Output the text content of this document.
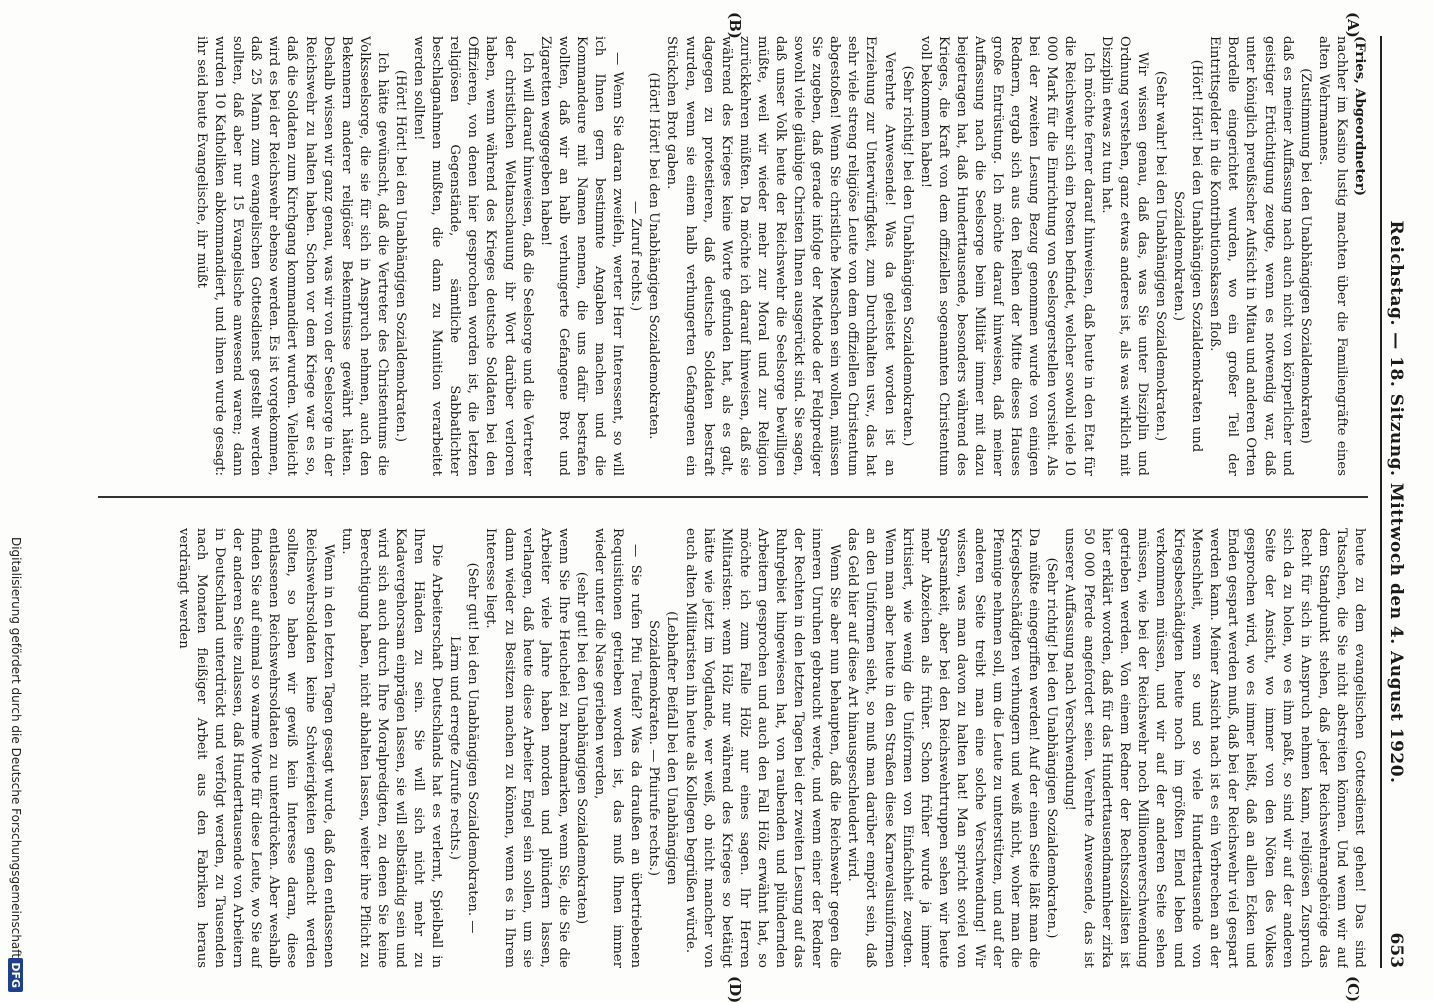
Reichstag. — 18. Sitzung. Mittwoch den 4. August 1920.
653
(A)
(B)
(C)
(D)

(Fries, Abgeordneter)

nachher im Kasino lustig machten über die Familiengräfte eines alten Wehrmannes.

(Zustimmung bei den Unabhängigen Sozialdemokraten)

daß es meiner Auffassung nach auch nicht von körperlicher und geistiger Ertüchtigung zeugte, wenn es notwendig war, daß unter königlich preußischer Aufsicht in Mitau und anderen Orten Bordelle eingerichtet wurden, wo ein großer Teil der Eintrittsgelder in die Kontributionskassen floß.

(Hört! Hört! bei den Unabhängigen Sozialdemokraten und Sozialdemokraten.)

(Sehr wahr! bei den Unabhängigen Sozialdemokraten.)

Wir wissen genau, daß das, was Sie unter Disziplin und Ordnung verstehen, ganz etwas anderes ist, als was wirklich mit Disziplin etwas zu tun hat.

Ich möchte ferner darauf hinweisen, daß heute in den Etat für die Reichswehr sich ein Posten befindet, welcher sowohl viele 10 000 Mark für die Einrichtung von Seelsorgerstellen vorsieht. Als bei der zweiten Lesung Bezug genommen wurde von einigen Rednern, ergab sich aus den Reihen der Mitte dieses Hauses große Entrüstung. Ich möchte darauf hinweisen, daß meiner Auffassung nach die Seelsorge beim Militär immer mit dazu beigetragen hat, daß Hunderttausende, besonders während des Krieges, die Kraft von dem offiziellen sogenannten Christentum voll bekommen haben!

(Sehr richtig! bei den Unabhängigen Sozialdemokraten.)

Verehrte Anwesende! Was da geleistet worden ist an Erziehung zur Unterwürfigkeit, zum Durchhalten usw., das hat sehr viele streng religiöse Leute von dem offiziellen Christentum abgestoßen! Wenn Sie christliche Menschen sein wollen, müssen Sie zugeben, daß gerade infolge der Methode der Feldprediger sowohl viele gläubige Christen Ihnen ausgerückt sind. Sie sagen, daß unser Volk heute der Reichswehr die Seelsorge bewilligen müßte, weil wir wieder mehr zur Moral und zur Religion zurückkehren müßten. Da möchte ich darauf hinweisen, daß sie während des Krieges keine Worte gefunden hat, als es galt, dagegen zu protestieren, daß deutsche Soldaten bestraft wurden, wenn sie einem halb verhungerten Gefangenen ein Stückchen Brot gaben.

(Hört! Hört! bei den Unabhängigen Sozialdemokraten.

— Zuruf rechts.)

— Wenn Sie daran zweifeln, werter Herr Interessent, so will ich Ihnen gern bestimmte Angaben machen und die Kommandeure mit Namen nennen, die uns dafür bestrafen wollten, daß wir an halb verhungerte Gefangene Brot und Zigaretten weggegeben haben!

Ich will darauf hinweisen, daß die Seelsorge und die Vertreter der christlichen Weltanschauung ihr Wort darüber verloren haben, wenn während des Krieges deutsche Soldaten bei den Offizieren, von denen hier gesprochen worden ist, die letzten religiösen Gegenstände, sämtliche Sabbatlichter beschlagnahmen mußten, die dann zu Munition verarbeitet werden sollten!

(Hört! Hört! bei den Unabhängigen Sozialdemokraten.)

Ich hätte gewünscht, daß die Vertreter des Christentums die Volksseelsorge, die sie für sich in Anspruch nehmen, auch den Bekennern anderer religiöser Bekenntnisse gewährt hätten. Deshalb wissen wir ganz genau, was wir von der Seelsorge in der Reichswehr zu halten haben. Schon vor dem Kriege war es so, daß die Soldaten zum Kirchgang kommandiert wurden. Vielleicht wird es bei der Reichswehr ebenso werden. Es ist vorgekommen, daß 25 Mann zum evangelischen Gottesdienst gestellt werden sollten, daß aber nur 15 Evangelische anwesend waren; dann wurden 10 Katholiken abkommandiert, und ihnen wurde gesagt: ihr seid heute Evangelische, ihr müßt

heute zu dem evangelischen Gottesdienst gehen! Das sind Tatsachen, die Sie nicht abstreiten können. Und wenn wir auf dem Standpunkt stehen, daß jeder Reichswehrangehörige das Recht für sich in Anspruch nehmen kann, religiösen Zuspruch sich da zu holen, wo es ihm paßt, so sind wir auf der anderen Seite der Ansicht, wo immer von den Nöten des Volkes gesprochen wird, wo es immer heißt, daß an allen Ecken und Enden gespart werden muß, daß bei der Reichswehr viel gespart werden kann. Meiner Ansicht nach ist es ein Verbrechen an der Menschheit, wenn so und so viele Hunderttausende von Kriegsbeschädigten heute noch im größten Elend leben und verkommen müssen, und wir auf der anderen Seite sehen müssen, wie bei der Reichswehr noch Millionenverschwendung getrieben werden. Von einem Redner der Rechtssozialisten ist hier erklärt worden, daß für das Hunderttausendmannheer zirka 50 000 Pferde angefordert seien. Verehrte Anwesende, das ist unserer Auffassung nach Verschwendung!

(Sehr richtig! bei den Unabhängigen Sozialdemokraten.)

Da müßte eingegriffen werden! Auf der einen Seite läßt man die Kriegsbeschädigten verhungern und weiß nicht, woher man die Pfennige nehmen soll, um die Leute zu unterstützen, und auf der anderen Seite treibt man eine solche Verschwendung! Wir wissen, was man davon zu halten hat! Man spricht soviel von Sparsamkeit, aber bei den Reichswehrtruppen sehen wir heute mehr Abzeichen als früher. Schon früher wurde ja immer kritisiert, wie wenig die Uniformen von Einfachheit zeugten. Wenn man aber heute in den Straßen diese Karnevalsuniformen an den Uniformen sieht, so muß man darüber empört sein, daß das Geld hier auf diese Art hinausgeschleudert wird.

Wenn Sie aber nun behaupten, daß die Reichswehr gegen die inneren Unruhen gebraucht werde, und wenn einer der Redner der Rechten in den letzten Tagen bei der zweiten Lesung auf das Ruhrgebiet hingewiesen hat, von raubenden und plündernden Arbeitern gesprochen und auch den Fall Hölz erwähnt hat, so möchte ich zum Falle Hölz nur eines sagen. Ihr Herren Militaristen: wenn Hölz nur während des Krieges so betätigt hätte wie jetzt im Vogtlande, wer weiß, ob nicht mancher von euch alten Militaristen ihn heute als Kollegen begrüßen würde.

(Lebhafter Beifall bei den Unabhängigen Sozialdemokraten. — Pfuirufe rechts.)

— Sie rufen Pfui Teufel? Was da draußen an übertriebenen Requisitionen getrieben worden ist, das muß Ihnen immer wieder unter die Nase gerieben werden,

(sehr gut! bei den Unabhängigen Sozialdemokraten)

wenn Sie Ihre Heuchelei zu brandmarken, wenn Sie, die Sie die Arbeiter viele Jahre haben morden und plündern lassen, verlangen, daß heute diese Arbeiter Engel sein sollen, um sie dann wieder zu Besitzen machen zu können, wenn es in Ihrem Interesse liegt.

(Sehr gut! bei den Unabhängigen Sozialdemokraten. — Lärm und erregte Zurufe rechts.)

Die Arbeiterschaft Deutschlands hat es verlernt, Spielball in Ihren Händen zu sein. Sie will sich nicht mehr zu Kadavergehorsam einprägen lassen, sie will selbständig sein und wird sich auch durch Ihre Moralpredigten, zu denen Sie keine Berechtigung haben, nicht abhalten lassen, weiter ihre Pflicht zu tun.

Wenn in den letzten Tagen gesagt wurde, daß den entlassenen Reichswehrsoldaten keine Schwierigkeiten gemacht werden sollten, so haben wir gewiß kein Interesse daran, diese entlassenen Reichswehrsoldaten zu unterdrücken. Aber weshalb finden Sie auf einmal so warme Worte für diese Leute, wo Sie auf der anderen Seite zulassen, daß Hunderttausende von Arbeitern in Deutschland unterdrückt und verfolgt werden, zu Tausenden nach Monaten fleißiger Arbeit aus den Fabriken heraus verdrängt werden

Digitalisierung gefördert durch die Deutsche Forschungsgemeinschaft
DFG
